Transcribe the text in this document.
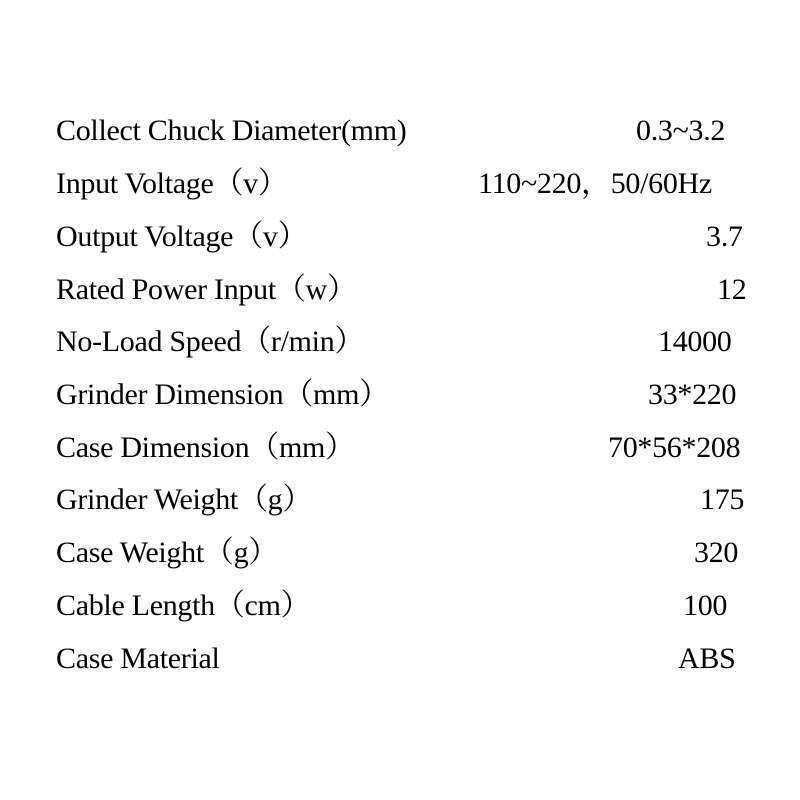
Collect Chuck Diameter(mm)	0.3~3.2
Input Voltage（v）	110~220，50/60Hz
Output Voltage（v）	3.7
Rated Power Input（w）	12
No-Load Speed（r/min）	14000
Grinder Dimension（mm）	33*220
Case Dimension（mm）	70*56*208
Grinder Weight（g）	175
Case Weight（g）	320
Cable Length（cm）	100
Case Material	ABS
